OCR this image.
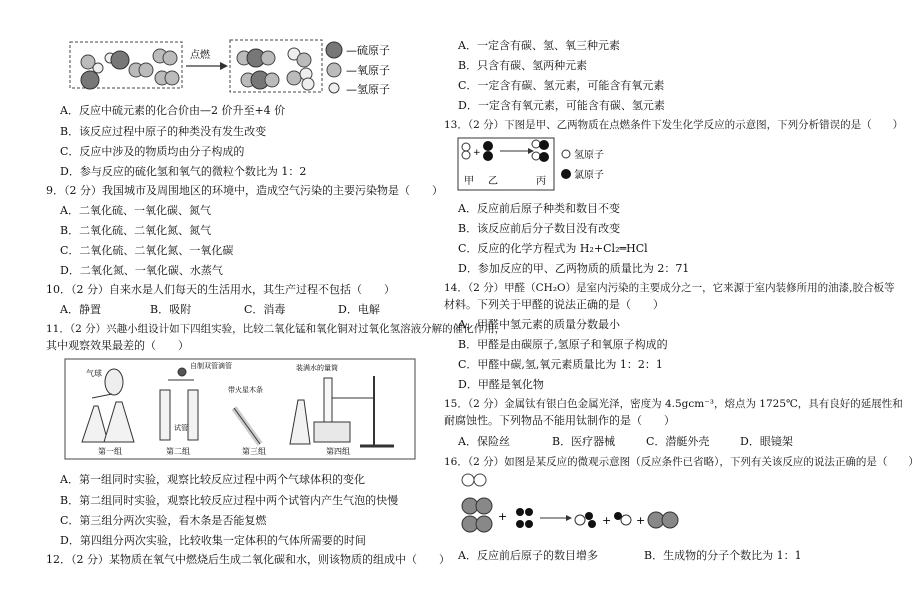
点燃	—硫原子
—氧原子
—氢原子
A．反应中硫元素的化合价由—2 价升至+4 价
B．该反应过程中原子的种类没有发生改变
C．反应中涉及的物质均由分子构成的
D．参与反应的硫化氢和氧气的微粒个数比为 1：2
9．（2 分）我国城市及周围地区的环境中，造成空气污染的主要污染物是（　　）
A．二氧化硫、一氧化碳、氮气
B．二氧化硫、二氧化氮、氮气
C．二氧化硫、二氧化氮、一氧化碳
D．二氧化氮、一氧化碳、水蒸气
10．（2 分）自来水是人们每天的生活用水，其生产过程不包括（　　）
A．静置	B．吸附	C．消毒	D．电解
11．（2 分）兴趣小组设计如下四组实验，比较二氧化锰和氧化铜对过氧化氢溶液分解的催化作用，
其中观察效果最差的（　　）
气球
第一组
自制双管滴管
试管
第二组
带火星木条
第三组
装满水的量筒
第四组
A．第一组同时实验，观察比较反应过程中两个气球体积的变化
B．第二组同时实验，观察比较反应过程中两个试管内产生气泡的快慢
C．第三组分两次实验，看木条是否能复燃
D．第四组分两次实验，比较收集一定体积的气体所需要的时间
12．（2 分）某物质在氧气中燃烧后生成二氧化碳和水，则该物质的组成中（　　）
A．一定含有碳、氢、氧三种元素
B．只含有碳、氢两种元素
C．一定含有碳、氢元素，可能含有氧元素
D．一定含有氧元素，可能含有碳、氢元素
13．（2 分）下图是甲、乙两物质在点燃条件下发生化学反应的示意图，下列分析错误的是（　　）
+
甲 乙	丙
氢原子
氯原子
A．反应前后原子种类和数目不变
B．该反应前后分子数目没有改变
C．反应的化学方程式为 H₂+Cl₂═HCl
D．参加反应的甲、乙两物质的质量比为 2：71
14．（2 分）甲醛（CH₂O）是室内污染的主要成分之一，它来源于室内装修所用的油漆,胶合板等
材料。下列关于甲醛的说法正确的是（　　）
A．甲醛中氢元素的质量分数最小
B．甲醛是由碳原子,氢原子和氧原子构成的
C．甲醛中碳,氢,氧元素质量比为 1：2：1
D．甲醛是氧化物
15．（2 分）金属钛有银白色金属光泽，密度为 4.5gcm⁻³，熔点为 1725℃，具有良好的延展性和
耐腐蚀性。下列物品不能用钛制作的是（　　）
A．保险丝	B．医疗器械	C．潜艇外壳	D．眼镜架
16．（2 分）如图是某反应的微观示意图（反应条件已省略），下列有关该反应的说法正确的是（　　）
+	+ +
A．反应前后原子的数目增多	B．生成物的分子个数比为 1：1
